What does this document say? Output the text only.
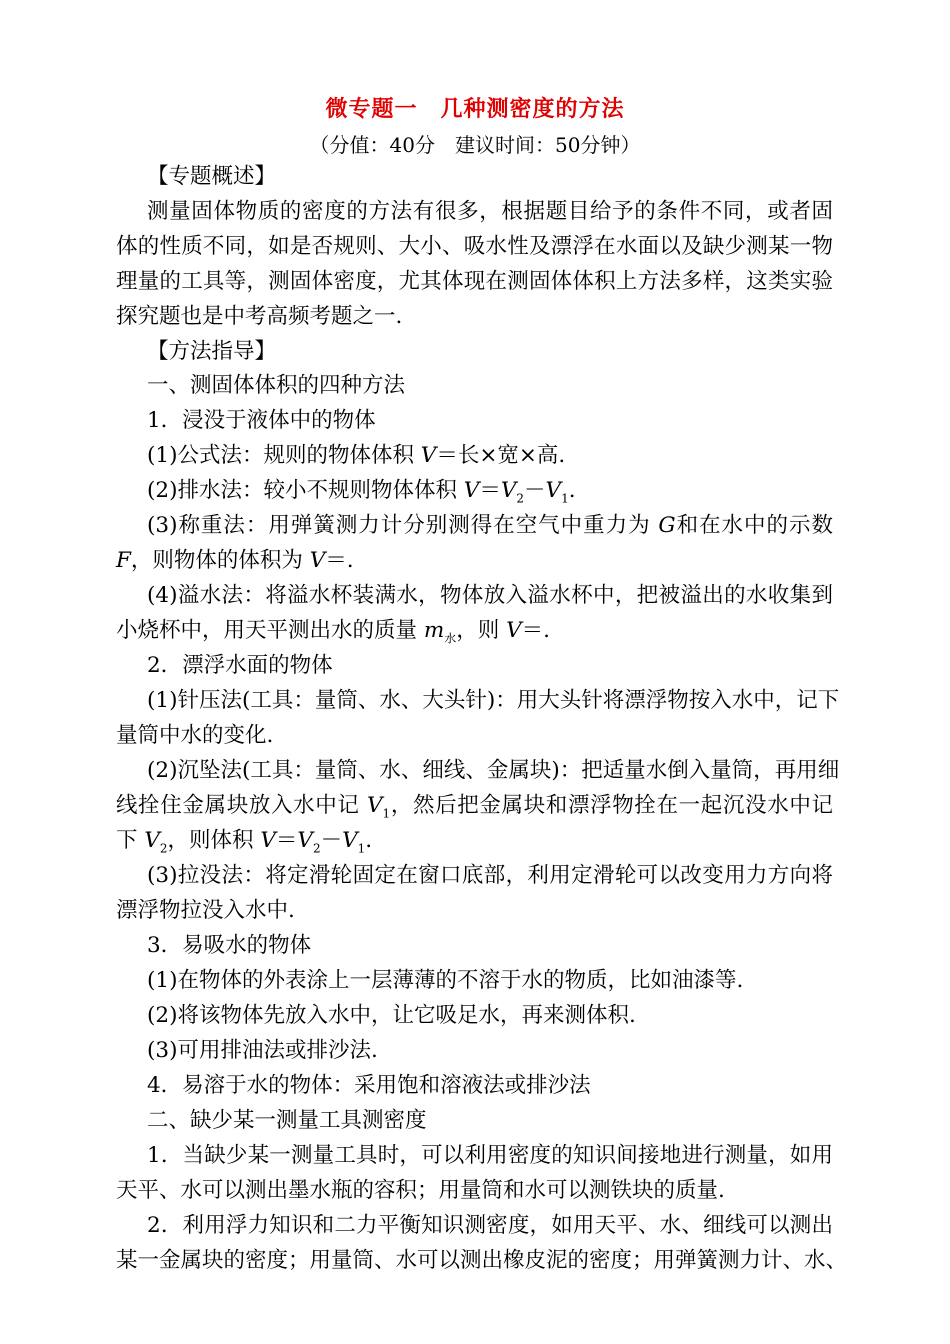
微专题一　几种测密度的方法
（分值：40分　建议时间：50分钟）
【专题概述】
测量固体物质的密度的方法有很多，根据题目给予的条件不同，或者固
体的性质不同，如是否规则、大小、吸水性及漂浮在水面以及缺少测某一物
理量的工具等，测固体密度，尤其体现在测固体体积上方法多样，这类实验
探究题也是中考高频考题之一.
【方法指导】
一、测固体体积的四种方法
1．浸没于液体中的物体
(1)公式法：规则的物体体积 V＝长×宽×高.
(2)排水法：较小不规则物体体积 $V=V_2-V_1$.
(3)称重法：用弹簧测力计分别测得在空气中重力为 G和在水中的示数
F，则物体的体积为 V＝.
(4)溢水法：将溢水杯装满水，物体放入溢水杯中，把被溢出的水收集到
小烧杯中，用天平测出水的质量 $m_水$，则 V＝.
2．漂浮水面的物体
(1)针压法(工具：量筒、水、大头针)：用大头针将漂浮物按入水中，记下
量筒中水的变化.
(2)沉坠法(工具：量筒、水、细线、金属块)：把适量水倒入量筒，再用细
线拴住金属块放入水中记 $V_1$，然后把金属块和漂浮物拴在一起沉没水中记
下 $V_2$，则体积 $V=V_2-V_1$.
(3)拉没法：将定滑轮固定在窗口底部，利用定滑轮可以改变用力方向将
漂浮物拉没入水中.
3．易吸水的物体
(1)在物体的外表涂上一层薄薄的不溶于水的物质，比如油漆等.
(2)将该物体先放入水中，让它吸足水，再来测体积.
(3)可用排油法或排沙法.
4．易溶于水的物体：采用饱和溶液法或排沙法
二、缺少某一测量工具测密度
1．当缺少某一测量工具时，可以利用密度的知识间接地进行测量，如用
天平、水可以测出墨水瓶的容积；用量筒和水可以测铁块的质量.
2．利用浮力知识和二力平衡知识测密度，如用天平、水、细线可以测出
某一金属块的密度；用量筒、水可以测出橡皮泥的密度；用弹簧测力计、水、
